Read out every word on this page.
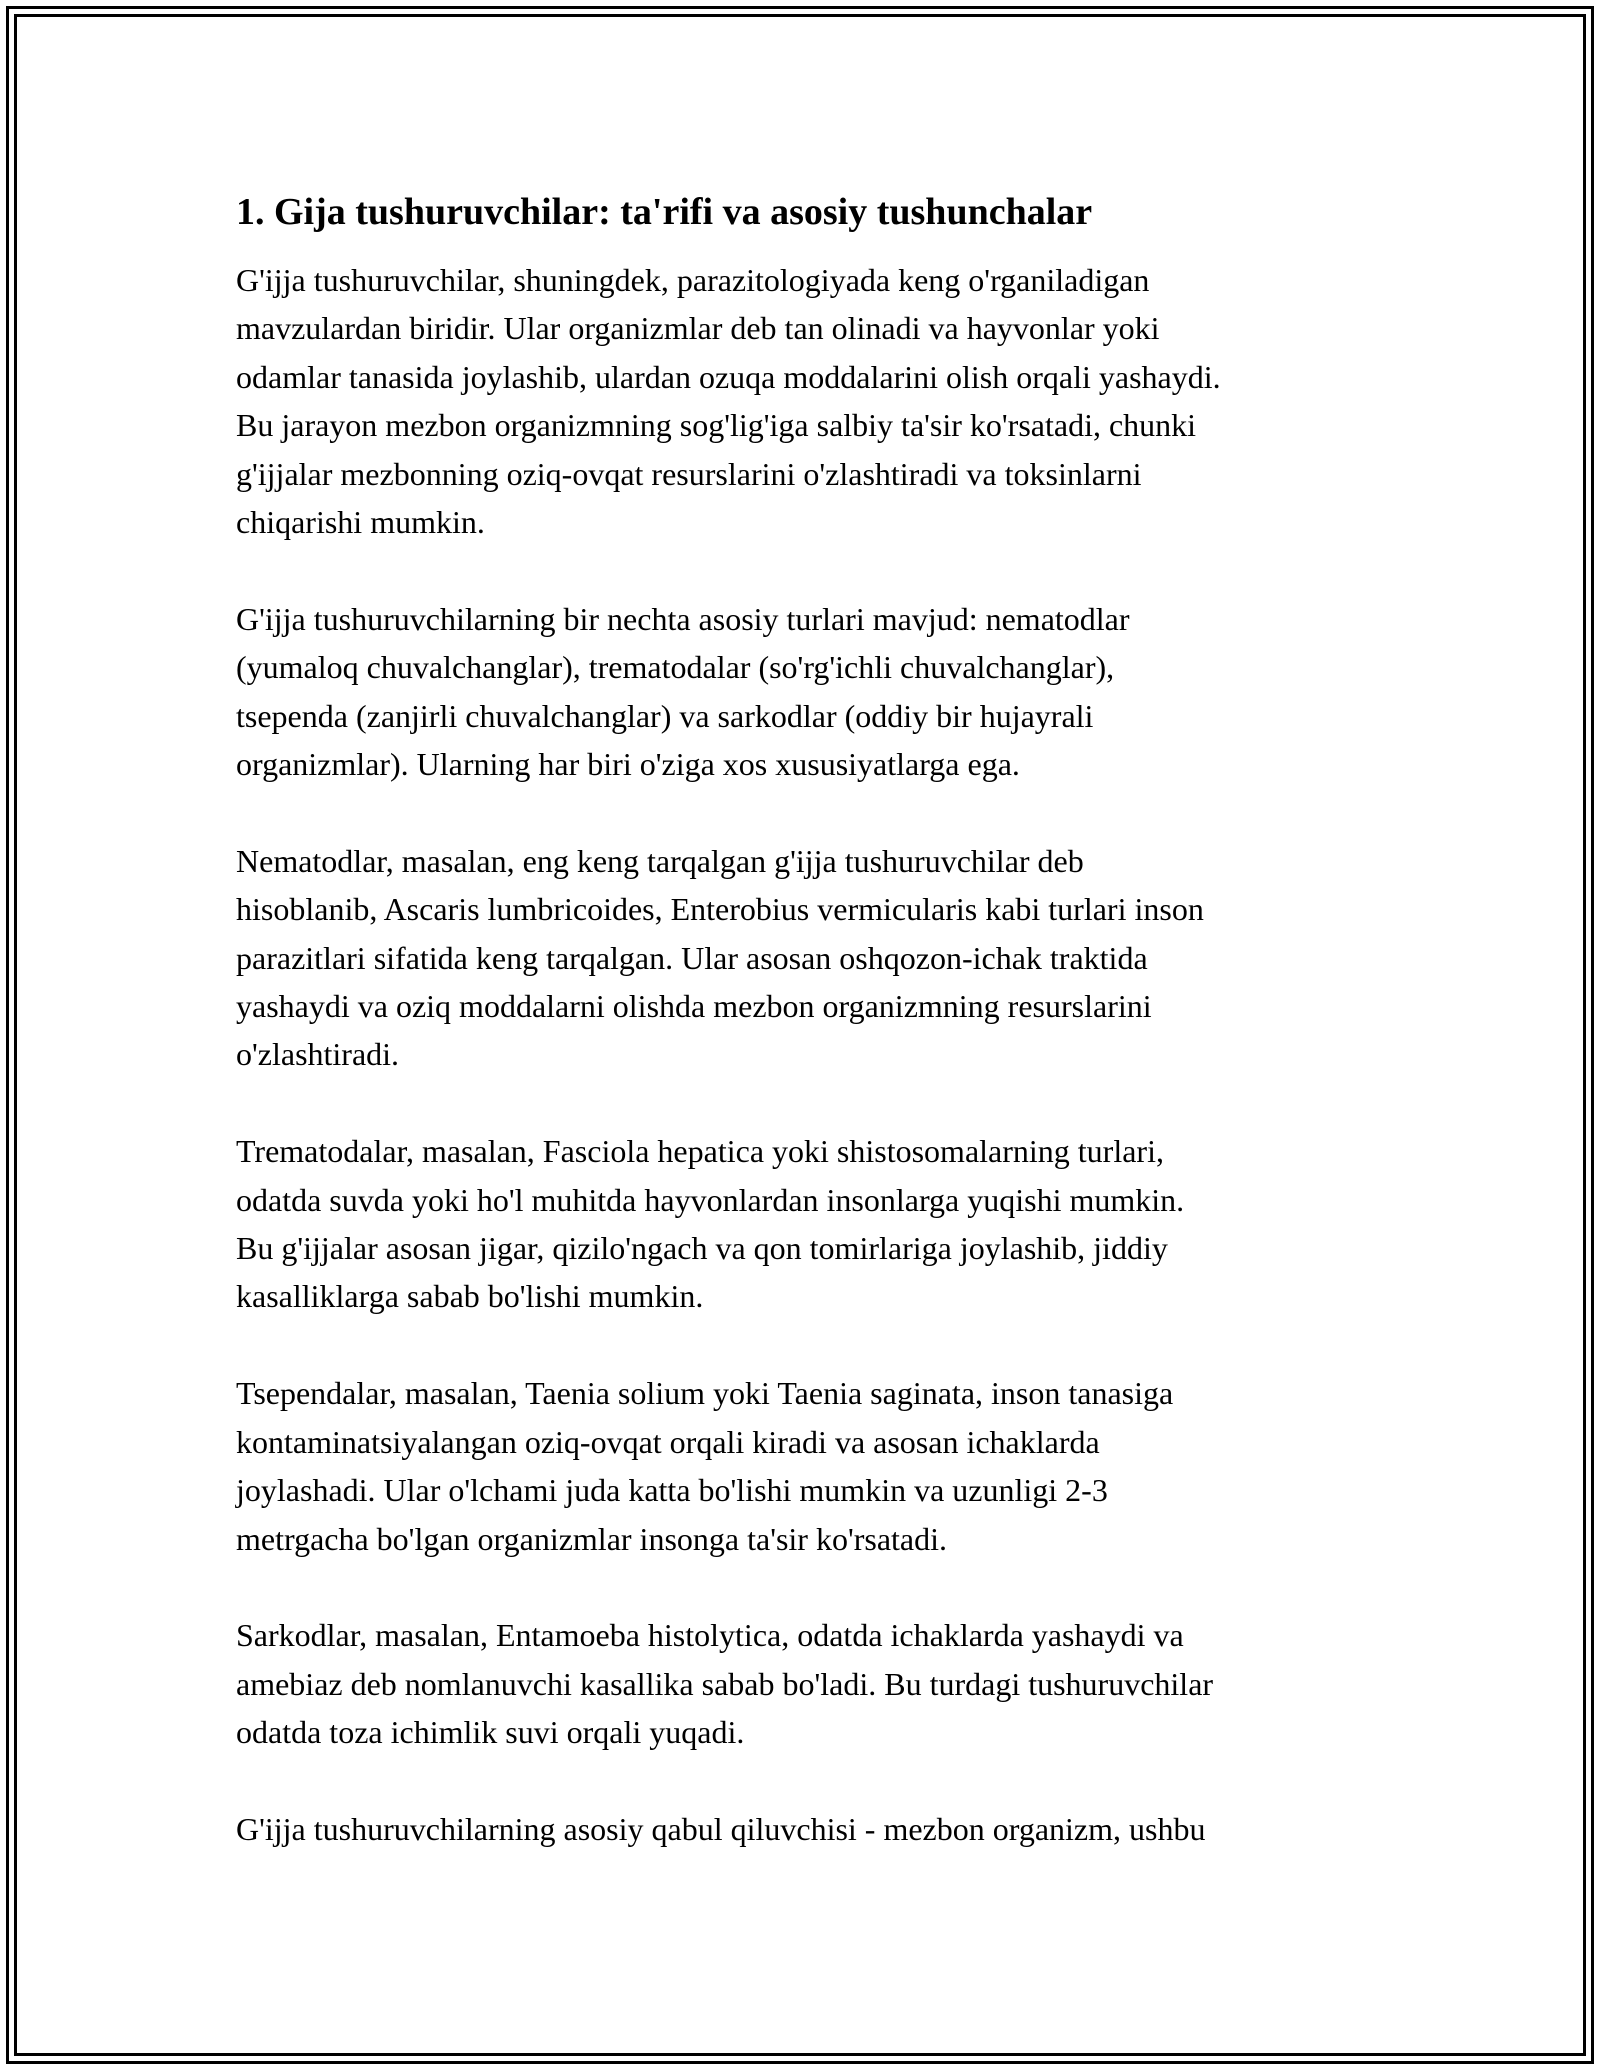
1. Gija tushuruvchilar: ta'rifi va asosiy tushunchalar

G'ijja tushuruvchilar, shuningdek, parazitologiyada keng o'rganiladigan
mavzulardan biridir. Ular organizmlar deb tan olinadi va hayvonlar yoki
odamlar tanasida joylashib, ulardan ozuqa moddalarini olish orqali yashaydi.
Bu jarayon mezbon organizmning sog'lig'iga salbiy ta'sir ko'rsatadi, chunki
g'ijjalar mezbonning oziq-ovqat resurslarini o'zlashtiradi va toksinlarni
chiqarishi mumkin.

G'ijja tushuruvchilarning bir nechta asosiy turlari mavjud: nematodlar
(yumaloq chuvalchanglar), trematodalar (so'rg'ichli chuvalchanglar),
tsependa (zanjirli chuvalchanglar) va sarkodlar (oddiy bir hujayrali
organizmlar). Ularning har biri o'ziga xos xususiyatlarga ega.

Nematodlar, masalan, eng keng tarqalgan g'ijja tushuruvchilar deb
hisoblanib, Ascaris lumbricoides, Enterobius vermicularis kabi turlari inson
parazitlari sifatida keng tarqalgan. Ular asosan oshqozon-ichak traktida
yashaydi va oziq moddalarni olishda mezbon organizmning resurslarini
o'zlashtiradi.

Trematodalar, masalan, Fasciola hepatica yoki shistosomalarning turlari,
odatda suvda yoki ho'l muhitda hayvonlardan insonlarga yuqishi mumkin.
Bu g'ijjalar asosan jigar, qizilo'ngach va qon tomirlariga joylashib, jiddiy
kasalliklarga sabab bo'lishi mumkin.

Tsependalar, masalan, Taenia solium yoki Taenia saginata, inson tanasiga
kontaminatsiyalangan oziq-ovqat orqali kiradi va asosan ichaklarda
joylashadi. Ular o'lchami juda katta bo'lishi mumkin va uzunligi 2-3
metrgacha bo'lgan organizmlar insonga ta'sir ko'rsatadi.

Sarkodlar, masalan, Entamoeba histolytica, odatda ichaklarda yashaydi va
amebiaz deb nomlanuvchi kasallika sabab bo'ladi. Bu turdagi tushuruvchilar
odatda toza ichimlik suvi orqali yuqadi.

G'ijja tushuruvchilarning asosiy qabul qiluvchisi - mezbon organizm, ushbu
